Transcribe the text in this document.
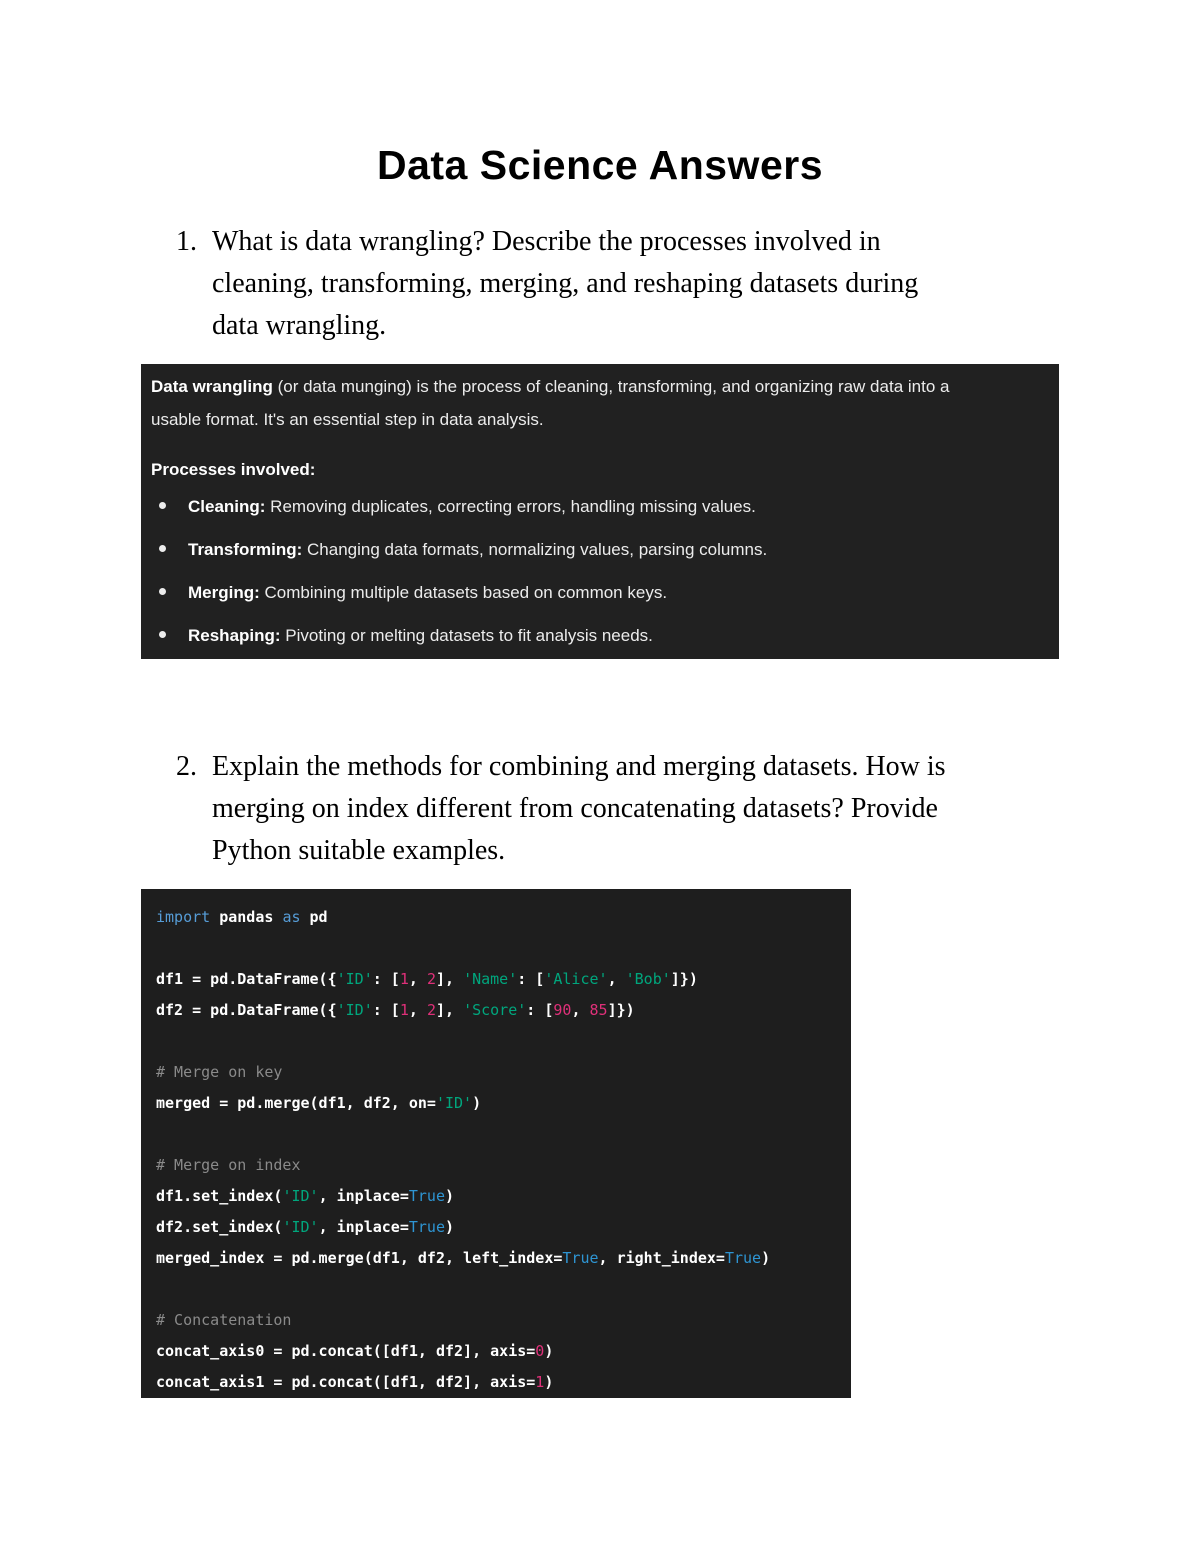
Data Science Answers
1. What is data wrangling? Describe the processes involved in
cleaning, transforming, merging, and reshaping datasets during
data wrangling.

Data wrangling (or data munging) is the process of cleaning, transforming, and organizing raw data into a

usable format. It's an essential step in data analysis.

Processes involved:

Cleaning: Removing duplicates, correcting errors, handling missing values.
Transforming: Changing data formats, normalizing values, parsing columns.
Merging: Combining multiple datasets based on common keys.
Reshaping: Pivoting or melting datasets to fit analysis needs.
2. Explain the methods for combining and merging datasets. How is
merging on index different from concatenating datasets? Provide
Python suitable examples.
import pandas as pd

df1 = pd.DataFrame({'ID': [1, 2], 'Name': ['Alice', 'Bob']})
df2 = pd.DataFrame({'ID': [1, 2], 'Score': [90, 85]})

# Merge on key
merged = pd.merge(df1, df2, on='ID')

# Merge on index
df1.set_index('ID', inplace=True)
df2.set_index('ID', inplace=True)
merged_index = pd.merge(df1, df2, left_index=True, right_index=True)

# Concatenation
concat_axis0 = pd.concat([df1, df2], axis=0)
concat_axis1 = pd.concat([df1, df2], axis=1)
